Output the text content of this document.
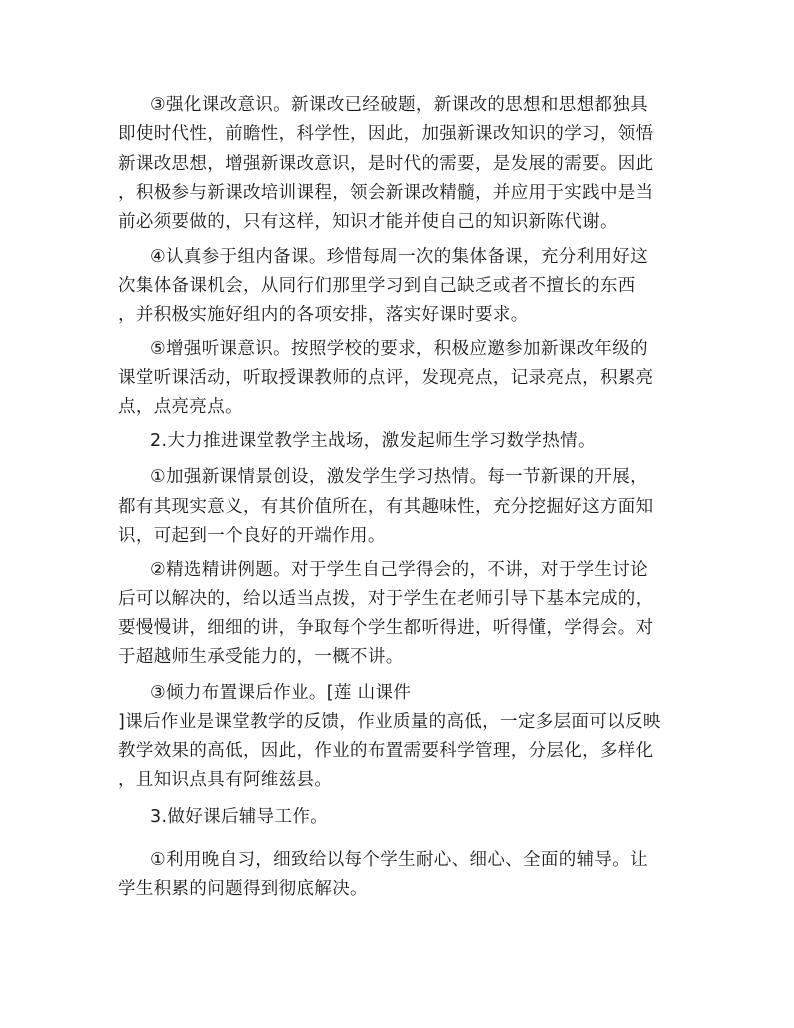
③强化课改意识。新课改已经破题，新课改的思想和思想都独具
即使时代性，前瞻性，科学性，因此，加强新课改知识的学习，领悟
新课改思想，增强新课改意识，是时代的需要，是发展的需要。因此
，积极参与新课改培训课程，领会新课改精髓，并应用于实践中是当
前必须要做的，只有这样，知识才能并使自己的知识新陈代谢。
④认真参于组内备课。珍惜每周一次的集体备课，充分利用好这
次集体备课机会，从同行们那里学习到自己缺乏或者不擅长的东西
，并积极实施好组内的各项安排，落实好课时要求。
⑤增强听课意识。按照学校的要求，积极应邀参加新课改年级的
课堂听课活动，听取授课教师的点评，发现亮点，记录亮点，积累亮
点，点亮亮点。
2.大力推进课堂教学主战场，激发起师生学习数学热情。
①加强新课情景创设，激发学生学习热情。每一节新课的开展，
都有其现实意义，有其价值所在，有其趣味性，充分挖掘好这方面知
识，可起到一个良好的开端作用。
②精选精讲例题。对于学生自己学得会的，不讲，对于学生讨论
后可以解决的，给以适当点拨，对于学生在老师引导下基本完成的，
要慢慢讲，细细的讲，争取每个学生都听得进，听得懂，学得会。对
于超越师生承受能力的，一概不讲。
③倾力布置课后作业。[莲 山课件
]课后作业是课堂教学的反馈，作业质量的高低，一定多层面可以反映
教学效果的高低，因此，作业的布置需要科学管理，分层化，多样化
，且知识点具有阿维兹县。
3.做好课后辅导工作。
①利用晚自习，细致给以每个学生耐心、细心、全面的辅导。让
学生积累的问题得到彻底解决。
